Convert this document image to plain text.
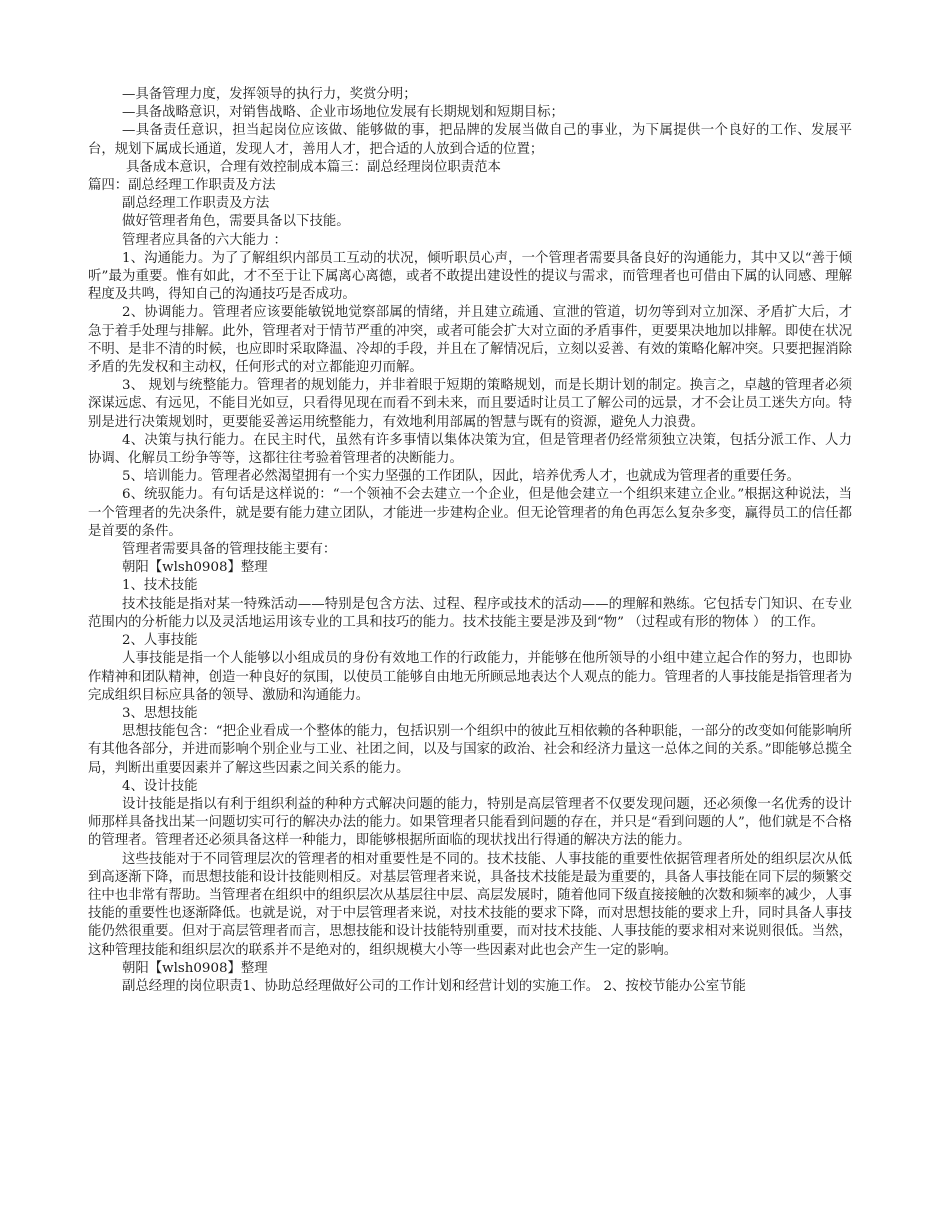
—具备管理力度，发挥领导的执行力，奖赏分明；

—具备战略意识，对销售战略、企业市场地位发展有长期规划和短期目标；

—具备责任意识，担当起岗位应该做、能够做的事，把品牌的发展当做自己的事业，为下属提供一个良好的工作、发展平台，规划下属成长通道，发现人才，善用人才，把合适的人放到合适的位置；

具备成本意识，合理有效控制成本篇三：副总经理岗位职责范本

篇四：副总经理工作职责及方法

副总经理工作职责及方法

做好管理者角色，需要具备以下技能。

管理者应具备的六大能力 ：

1、沟通能力。为了了解组织内部员工互动的状况，倾听职员心声，一个管理者需要具备良好的沟通能力，其中又以“善于倾听”最为重要。惟有如此，才不至于让下属离心离德，或者不敢提出建设性的提议与需求，而管理者也可借由下属的认同感、理解程度及共鸣，得知自己的沟通技巧是否成功。

2、协调能力。管理者应该要能敏锐地觉察部属的情绪，并且建立疏通、宣泄的管道，切勿等到对立加深、矛盾扩大后，才急于着手处理与排解。此外，管理者对于情节严重的冲突，或者可能会扩大对立面的矛盾事件，更要果决地加以排解。即使在状况不明、是非不清的时候，也应即时采取降温、冷却的手段，并且在了解情况后，立刻以妥善、有效的策略化解冲突。只要把握消除矛盾的先发权和主动权，任何形式的对立都能迎刃而解。

3、 规划与统整能力。管理者的规划能力，并非着眼于短期的策略规划，而是长期计划的制定。换言之，卓越的管理者必须深谋远虑、有远见，不能目光如豆，只看得见现在而看不到未来，而且要适时让员工了解公司的远景，才不会让员工迷失方向。特别是进行决策规划时，更要能妥善运用统整能力，有效地利用部属的智慧与既有的资源，避免人力浪费。

4、决策与执行能力。在民主时代，虽然有许多事情以集体决策为宜，但是管理者仍经常须独立决策，包括分派工作、人力协调、化解员工纷争等等，这都往往考验着管理者的决断能力。

5、培训能力。管理者必然渴望拥有一个实力坚强的工作团队，因此，培养优秀人才，也就成为管理者的重要任务。

6、统驭能力。有句话是这样说的：“一个领袖不会去建立一个企业，但是他会建立一个组织来建立企业。”根据这种说法，当一个管理者的先决条件，就是要有能力建立团队，才能进一步建构企业。但无论管理者的角色再怎么复杂多变，赢得员工的信任都是首要的条件。

管理者需要具备的管理技能主要有：

朝阳【wlsh0908】整理

1、技术技能

技术技能是指对某一特殊活动——特别是包含方法、过程、程序或技术的活动——的理解和熟练。它包括专门知识、在专业范围内的分析能力以及灵活地运用该专业的工具和技巧的能力。技术技能主要是涉及到“物” （过程或有形的物体 ） 的工作。

2、人事技能

人事技能是指一个人能够以小组成员的身份有效地工作的行政能力，并能够在他所领导的小组中建立起合作的努力，也即协作精神和团队精神，创造一种良好的氛围，以使员工能够自由地无所顾忌地表达个人观点的能力。管理者的人事技能是指管理者为完成组织目标应具备的领导、激励和沟通能力。

3、思想技能

思想技能包含：“把企业看成一个整体的能力，包括识别一个组织中的彼此互相依赖的各种职能，一部分的改变如何能影响所有其他各部分，并进而影响个别企业与工业、社团之间，以及与国家的政治、社会和经济力量这一总体之间的关系。”即能够总揽全局，判断出重要因素并了解这些因素之间关系的能力。

4、设计技能

设计技能是指以有利于组织利益的种种方式解决问题的能力，特别是高层管理者不仅要发现问题，还必须像一名优秀的设计师那样具备找出某一问题切实可行的解决办法的能力。如果管理者只能看到问题的存在，并只是“看到问题的人”，他们就是不合格的管理者。管理者还必须具备这样一种能力，即能够根据所面临的现状找出行得通的解决方法的能力。

这些技能对于不同管理层次的管理者的相对重要性是不同的。技术技能、人事技能的重要性依据管理者所处的组织层次从低到高逐渐下降，而思想技能和设计技能则相反。对基层管理者来说，具备技术技能是最为重要的，具备人事技能在同下层的频繁交往中也非常有帮助。当管理者在组织中的组织层次从基层往中层、高层发展时，随着他同下级直接接触的次数和频率的减少，人事技能的重要性也逐渐降低。也就是说，对于中层管理者来说，对技术技能的要求下降，而对思想技能的要求上升，同时具备人事技能仍然很重要。但对于高层管理者而言，思想技能和设计技能特别重要，而对技术技能、人事技能的要求相对来说则很低。当然，这种管理技能和组织层次的联系并不是绝对的，组织规模大小等一些因素对此也会产生一定的影响。

朝阳【wlsh0908】整理

副总经理的岗位职责1、协助总经理做好公司的工作计划和经营计划的实施工作。 2、按校节能办公室节能
